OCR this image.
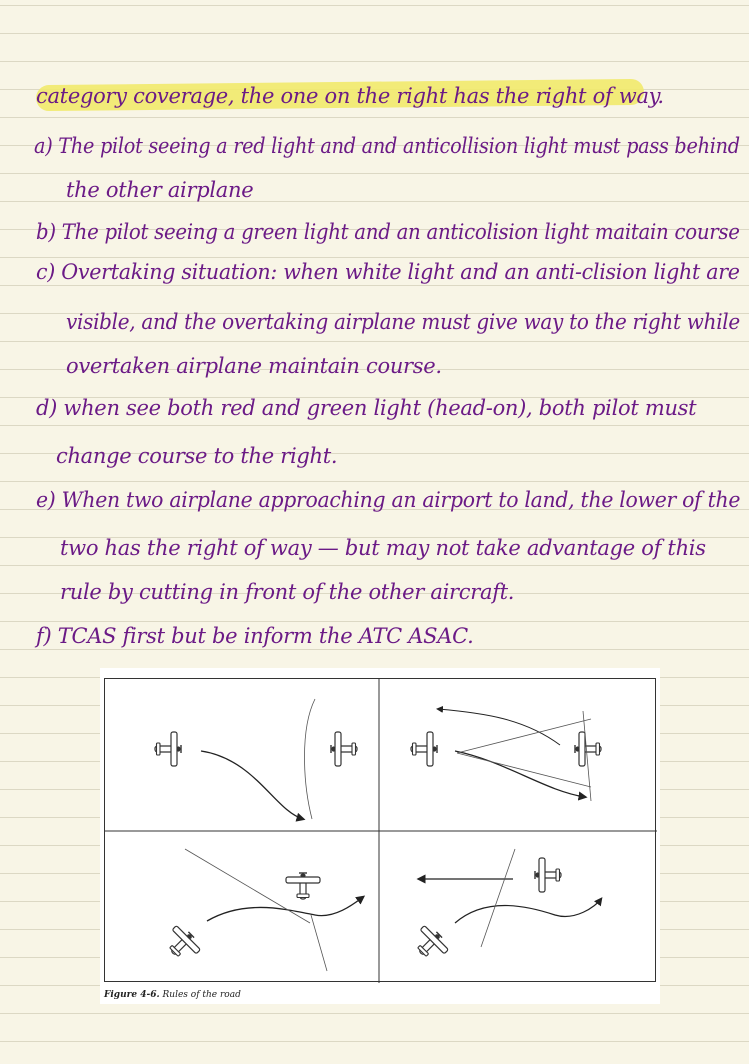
category coverage, the one on the right has the right of way.

a) The pilot seeing a red light and and anticollision light must pass behind

the other airplane

b) The pilot seeing a green light and an anticolision light maitain course

c) Overtaking situation: when white light and an anti-clision light are

visible, and the overtaking airplane must give way to the right while

overtaken airplane maintain course.

d) when see both red and green light (head-on), both pilot must

change course to the right.

e) When two airplane approaching an airport to land, the lower of the

two has the right of way — but may not take advantage of this

rule by cutting in front of the other aircraft.

f) TCAS first but be inform the ATC ASAC.

Figure 4-6. Rules of the road
